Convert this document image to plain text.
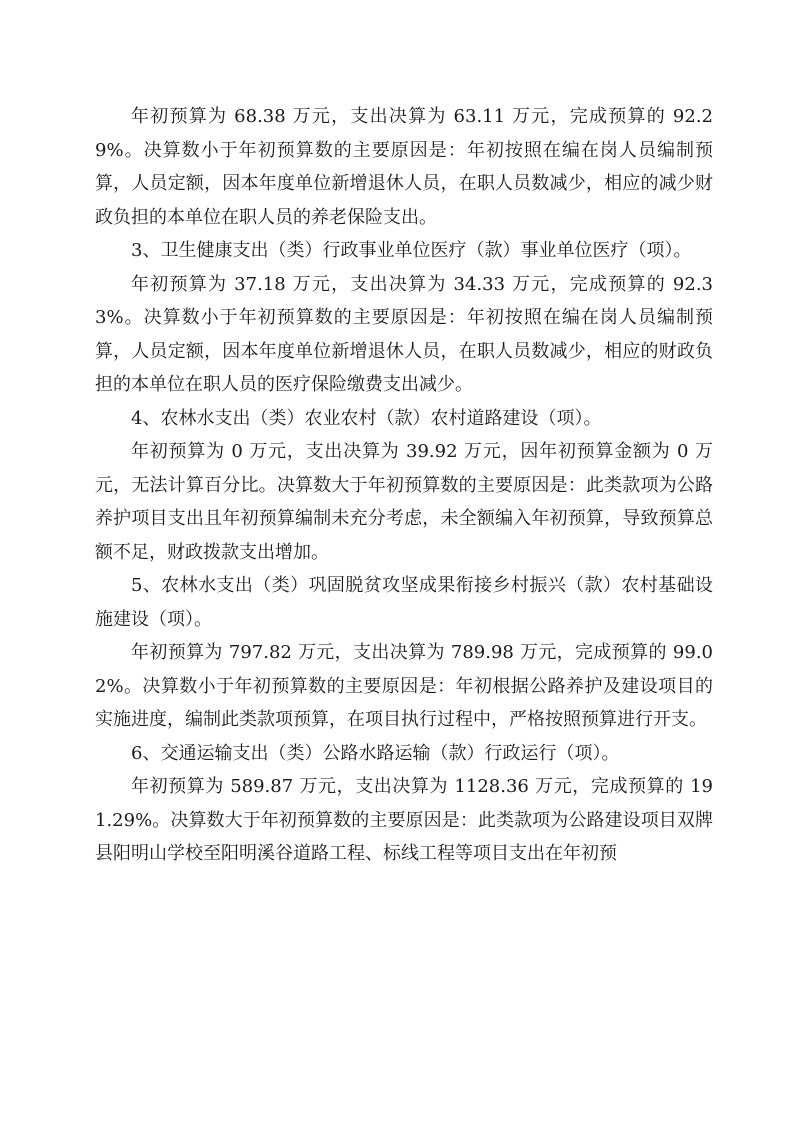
年初预算为 68.38 万元，支出决算为 63.11 万元，完成预算的 92.29%。决算数小于年初预算数的主要原因是：年初按照在编在岗人员编制预算，人员定额，因本年度单位新增退休人员，在职人员数减少，相应的减少财政负担的本单位在职人员的养老保险支出。

3、卫生健康支出（类）行政事业单位医疗（款）事业单位医疗（项）。

年初预算为 37.18 万元，支出决算为 34.33 万元，完成预算的 92.33%。决算数小于年初预算数的主要原因是：年初按照在编在岗人员编制预算，人员定额，因本年度单位新增退休人员，在职人员数减少，相应的财政负担的本单位在职人员的医疗保险缴费支出减少。

4、农林水支出（类）农业农村（款）农村道路建设（项）。

年初预算为 0 万元，支出决算为 39.92 万元，因年初预算金额为 0 万元，无法计算百分比。决算数大于年初预算数的主要原因是：此类款项为公路养护项目支出且年初预算编制未充分考虑，未全额编入年初预算，导致预算总额不足，财政拨款支出增加。

5、农林水支出（类）巩固脱贫攻坚成果衔接乡村振兴（款）农村基础设施建设（项）。

年初预算为 797.82 万元，支出决算为 789.98 万元，完成预算的 99.02%。决算数小于年初预算数的主要原因是：年初根据公路养护及建设项目的实施进度，编制此类款项预算，在项目执行过程中，严格按照预算进行开支。

6、交通运输支出（类）公路水路运输（款）行政运行（项）。

年初预算为 589.87 万元，支出决算为 1128.36 万元，完成预算的 191.29%。决算数大于年初预算数的主要原因是：此类款项为公路建设项目双牌县阳明山学校至阳明溪谷道路工程、标线工程等项目支出在年初预
